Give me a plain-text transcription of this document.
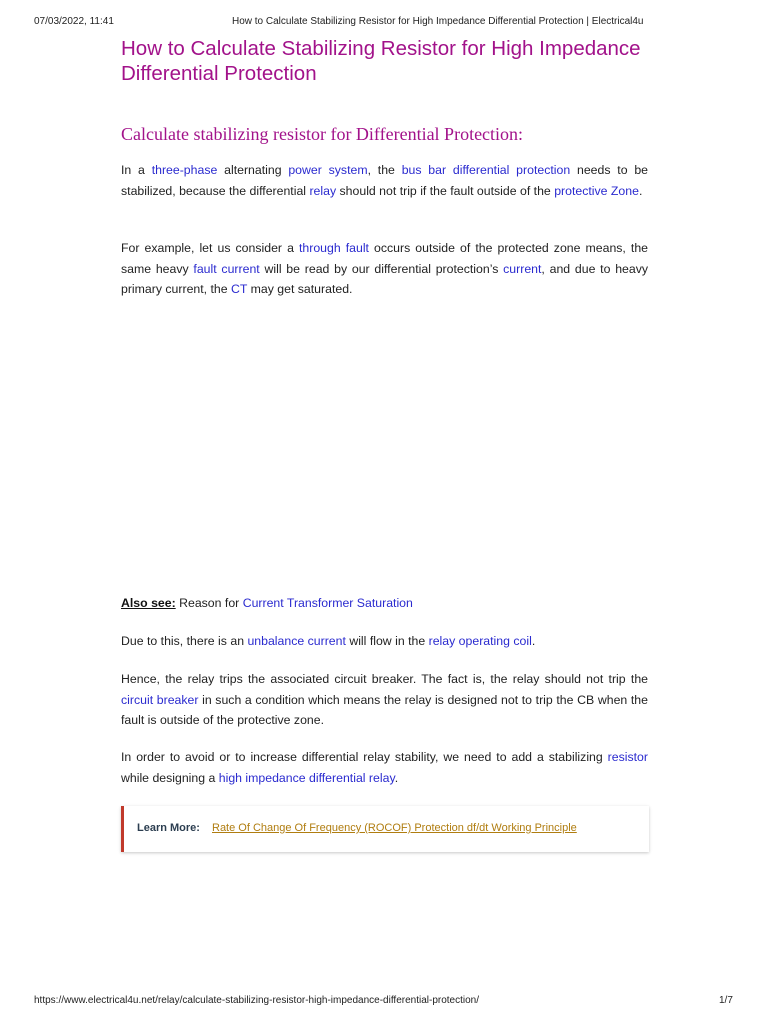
07/03/2022, 11:41	How to Calculate Stabilizing Resistor for High Impedance Differential Protection | Electrical4u
How to Calculate Stabilizing Resistor for High Impedance Differential Protection
Calculate stabilizing resistor for Differential Protection:

In a three-phase alternating power system, the bus bar differential protection needs to be stabilized, because the differential relay should not trip if the fault outside of the protective Zone.

For example, let us consider a through fault occurs outside of the protected zone means, the same heavy fault current will be read by our differential protection’s current, and due to heavy primary current, the CT may get saturated.

Also see: Reason for Current Transformer Saturation

Due to this, there is an unbalance current will flow in the relay operating coil.

Hence, the relay trips the associated circuit breaker. The fact is, the relay should not trip the circuit breaker in such a condition which means the relay is designed not to trip the CB when the fault is outside of the protective zone.

In order to avoid or to increase differential relay stability, we need to add a stabilizing resistor while designing a high impedance differential relay.

Learn More: Rate Of Change Of Frequency (ROCOF) Protection df/dt Working Principle
https://www.electrical4u.net/relay/calculate-stabilizing-resistor-high-impedance-differential-protection/	1/7
